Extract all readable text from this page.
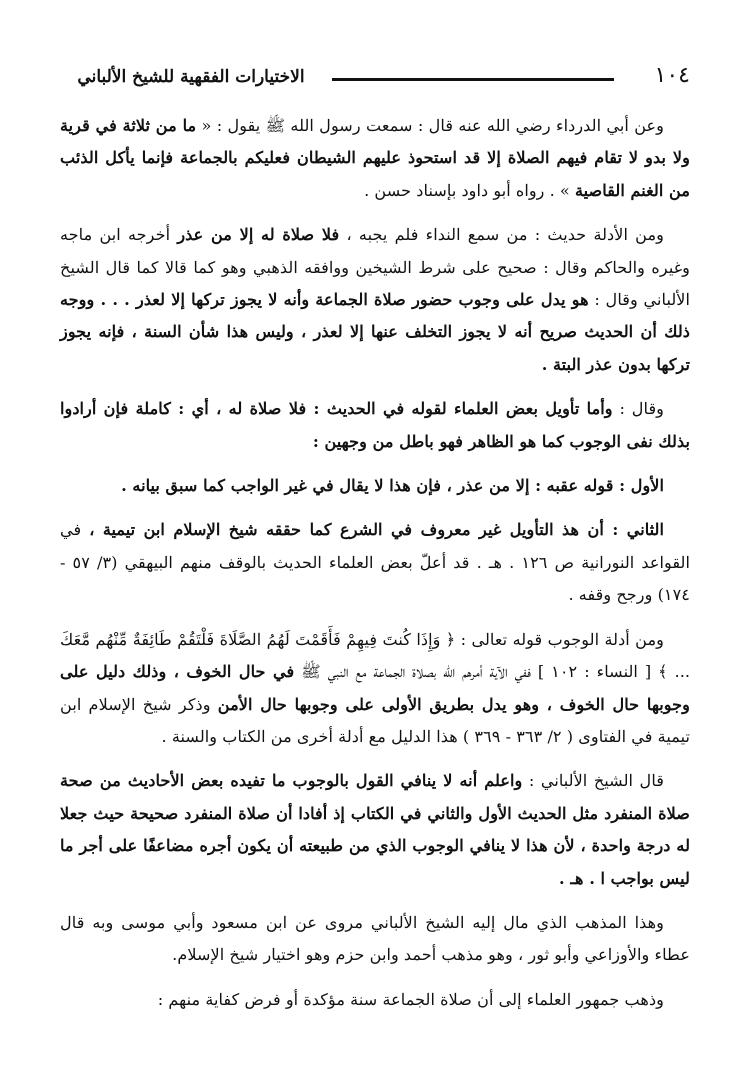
١٠٤
الاختيارات الفقهية للشيخ الألباني

وعن أبي الدرداء رضي الله عنه قال : سمعت رسول الله ﷺ يقول : « ما من ثلاثة في قرية ولا بدو لا تقام فيهم الصلاة إلا قد استحوذ عليهم الشيطان فعليكم بالجماعة فإنما يأكل الذئب من الغنم القاصية » . رواه أبو داود بإسناد حسن .

ومن الأدلة حديث : من سمع النداء فلم يجبه ، فلا صلاة له إلا من عذر أخرجه ابن ماجه وغيره والحاكم وقال : صحيح على شرط الشيخين ووافقه الذهبي وهو كما قالا كما قال الشيخ الألباني وقال : هو يدل على وجوب حضور صلاة الجماعة وأنه لا يجوز تركها إلا لعذر . . . ووجه ذلك أن الحديث صريح أنه لا يجوز التخلف عنها إلا لعذر ، وليس هذا شأن السنة ، فإنه يجوز تركها بدون عذر البتة .

وقال : وأما تأويل بعض العلماء لقوله في الحديث : فلا صلاة له ، أي : كاملة فإن أرادوا بذلك نفى الوجوب كما هو الظاهر فهو باطل من وجهين :

الأول : قوله عقبه : إلا من عذر ، فإن هذا لا يقال في غير الواجب كما سبق بيانه .

الثاني : أن هذ التأويل غير معروف في الشرع كما حققه شيخ الإسلام ابن تيمية ، في القواعد النورانية ص ١٢٦ . هـ . قد أعلّ بعض العلماء الحديث بالوقف منهم البيهقي (٣/ ٥٧ - ١٧٤) ورجح وقفه .

ومن أدلة الوجوب قوله تعالى : ﴿ وَإِذَا كُنتَ فِيهِمْ فَأَقَمْتَ لَهُمُ الصَّلَاةَ فَلْتَقُمْ طَائِفَةٌ مِّنْهُم مَّعَكَ ... ﴾ [ النساء : ١٠٢ ] ففي الآية أمرهم الله بصلاة الجماعة مع النبي ﷺ في حال الخوف ، وذلك دليل على وجوبها حال الخوف ، وهو يدل بطريق الأولى على وجوبها حال الأمن وذكر شيخ الإسلام ابن تيمية في الفتاوى ( ٢/ ٣٦٣ - ٣٦٩ ) هذا الدليل مع أدلة أخرى من الكتاب والسنة .

قال الشيخ الألباني : واعلم أنه لا ينافي القول بالوجوب ما تفيده بعض الأحاديث من صحة صلاة المنفرد مثل الحديث الأول والثاني في الكتاب إذ أفادا أن صلاة المنفرد صحيحة حيث جعلا له درجة واحدة ، لأن هذا لا ينافي الوجوب الذي من طبيعته أن يكون أجره مضاعفًا على أجر ما ليس بواجب ا . هـ .

وهذا المذهب الذي مال إليه الشيخ الألباني مروى عن ابن مسعود وأبي موسى وبه قال عطاء والأوزاعي وأبو ثور ، وهو مذهب أحمد وابن حزم وهو اختيار شيخ الإسلام.

وذهب جمهور العلماء إلى أن صلاة الجماعة سنة مؤكدة أو فرض كفاية منهم :
